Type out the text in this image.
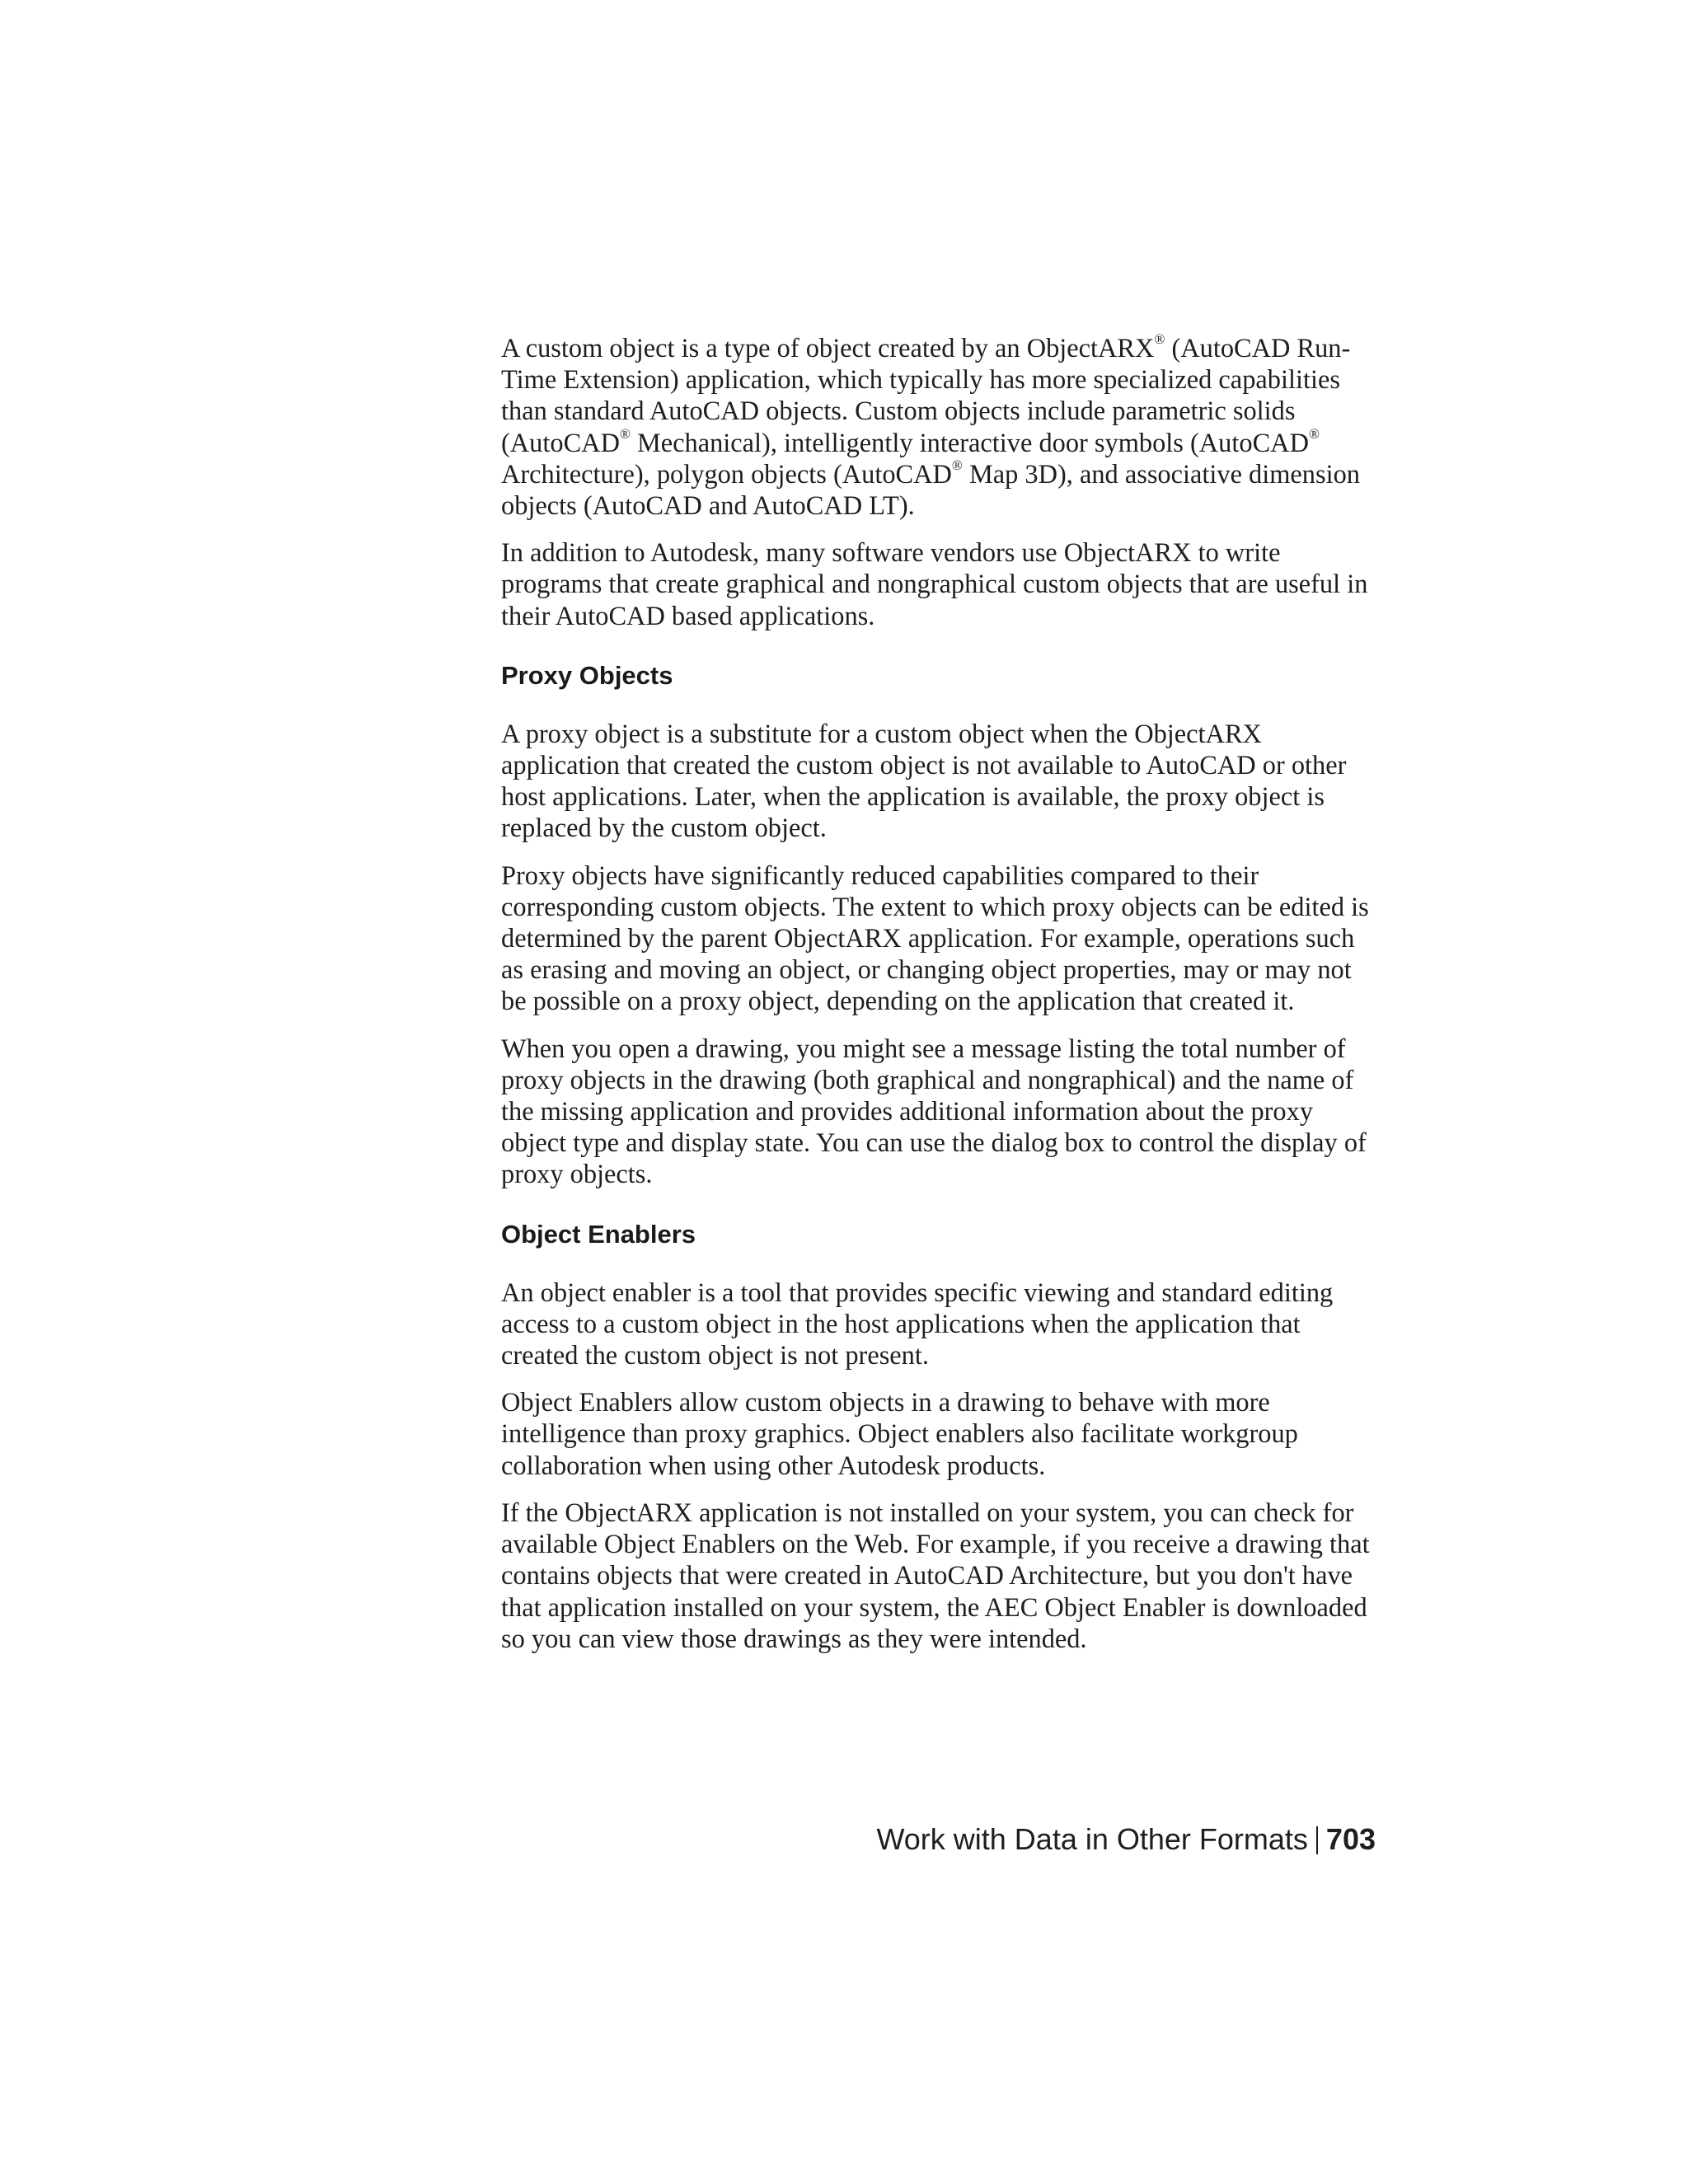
A custom object is a type of object created by an ObjectARX® (AutoCAD Run-Time Extension) application, which typically has more specialized capabilities than standard AutoCAD objects. Custom objects include parametric solids (AutoCAD® Mechanical), intelligently interactive door symbols (AutoCAD® Architecture), polygon objects (AutoCAD® Map 3D), and associative dimension objects (AutoCAD and AutoCAD LT).

In addition to Autodesk, many software vendors use ObjectARX to write programs that create graphical and nongraphical custom objects that are useful in their AutoCAD based applications.

Proxy Objects

A proxy object is a substitute for a custom object when the ObjectARX application that created the custom object is not available to AutoCAD or other host applications. Later, when the application is available, the proxy object is replaced by the custom object.

Proxy objects have significantly reduced capabilities compared to their corresponding custom objects. The extent to which proxy objects can be edited is determined by the parent ObjectARX application. For example, operations such as erasing and moving an object, or changing object properties, may or may not be possible on a proxy object, depending on the application that created it.

When you open a drawing, you might see a message listing the total number of proxy objects in the drawing (both graphical and nongraphical) and the name of the missing application and provides additional information about the proxy object type and display state. You can use the dialog box to control the display of proxy objects.

Object Enablers

An object enabler is a tool that provides specific viewing and standard editing access to a custom object in the host applications when the application that created the custom object is not present.

Object Enablers allow custom objects in a drawing to behave with more intelligence than proxy graphics. Object enablers also facilitate workgroup collaboration when using other Autodesk products.

If the ObjectARX application is not installed on your system, you can check for available Object Enablers on the Web. For example, if you receive a drawing that contains objects that were created in AutoCAD Architecture, but you don't have that application installed on your system, the AEC Object Enabler is downloaded so you can view those drawings as they were intended.

Work with Data in Other Formats 703
